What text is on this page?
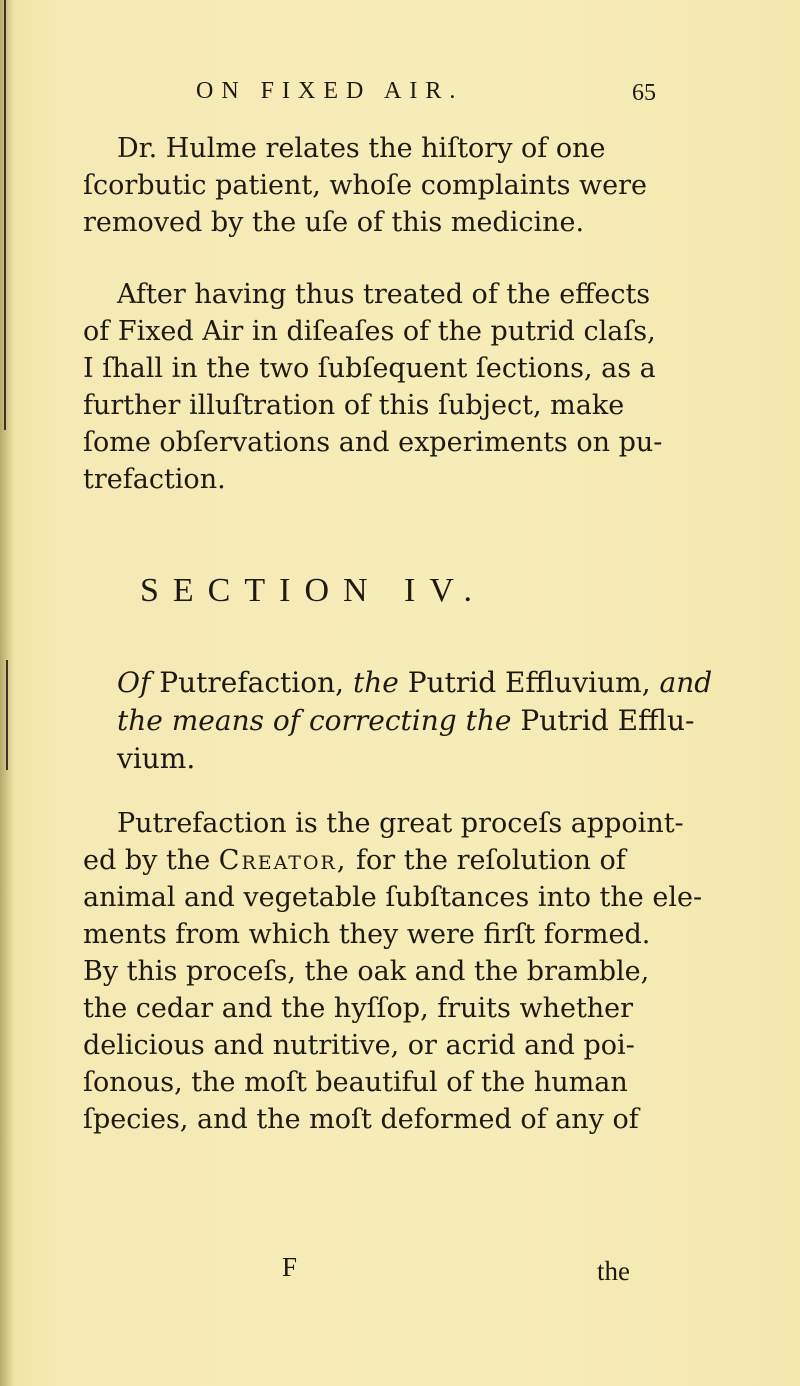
ON FIXED AIR.	65
Dr. Hulme relates the hiſtory of one
ſcorbutic patient, whoſe complaints were
removed by the uſe of this medicine.
After having thus treated of the effects
of Fixed Air in diſeaſes of the putrid claſs,
I ſhall in the two ſubſequent ſections, as a
further illuſtration of this ſubject, make
ſome obſervations and experiments on pu-
trefaction.
SECTION IV.
Of Putrefaction, the Putrid Effluvium, and
the means of correcting the Putrid Efflu-
vium.
Putrefaction is the great proceſs appoint-
ed by the Creator, for the reſolution of
animal and vegetable ſubſtances into the ele-
ments from which they were firſt formed.
By this proceſs, the oak and the bramble,
the cedar and the hyſſop, fruits whether
delicious and nutritive, or acrid and poi-
ſonous, the moſt beautiful of the human
ſpecies, and the moſt deformed of any of
F	the
